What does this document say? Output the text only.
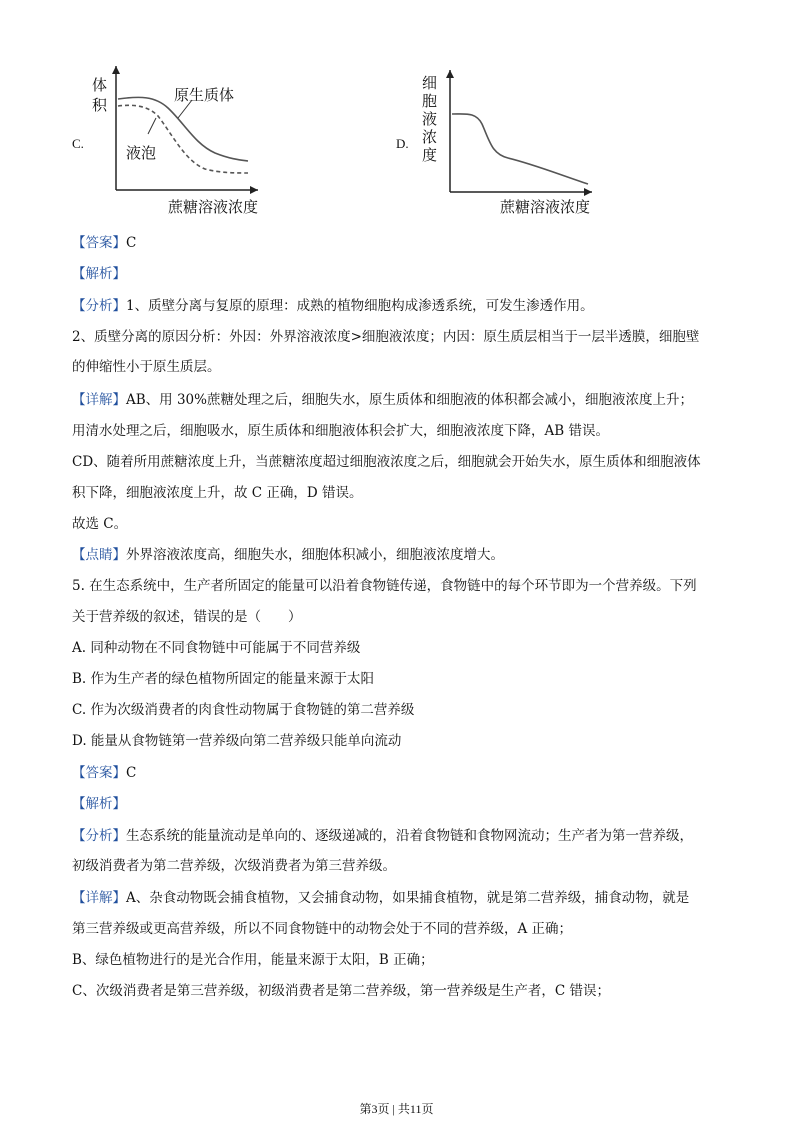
C.
体
积
原生质体
液泡
蔗糖溶液浓度
D.
细
胞
液
浓
度
蔗糖溶液浓度
【答案】C
【解析】
【分析】1、质壁分离与复原的原理：成熟的植物细胞构成渗透系统，可发生渗透作用。
2、质壁分离的原因分析：外因：外界溶液浓度>细胞液浓度；内因：原生质层相当于一层半透膜，细胞壁
的伸缩性小于原生质层。
【详解】AB、用 30%蔗糖处理之后，细胞失水，原生质体和细胞液的体积都会减小，细胞液浓度上升；
用清水处理之后，细胞吸水，原生质体和细胞液体积会扩大，细胞液浓度下降，AB 错误。
CD、随着所用蔗糖浓度上升，当蔗糖浓度超过细胞液浓度之后，细胞就会开始失水，原生质体和细胞液体
积下降，细胞液浓度上升，故 C 正确，D 错误。
故选 C。
【点睛】外界溶液浓度高，细胞失水，细胞体积减小，细胞液浓度增大。
5. 在生态系统中，生产者所固定的能量可以沿着食物链传递，食物链中的每个环节即为一个营养级。下列
关于营养级的叙述，错误的是（　　）
A. 同种动物在不同食物链中可能属于不同营养级
B. 作为生产者的绿色植物所固定的能量来源于太阳
C. 作为次级消费者的肉食性动物属于食物链的第二营养级
D. 能量从食物链第一营养级向第二营养级只能单向流动
【答案】C
【解析】
【分析】生态系统的能量流动是单向的、逐级递减的，沿着食物链和食物网流动；生产者为第一营养级，
初级消费者为第二营养级，次级消费者为第三营养级。
【详解】A、杂食动物既会捕食植物，又会捕食动物，如果捕食植物，就是第二营养级，捕食动物，就是
第三营养级或更高营养级，所以不同食物链中的动物会处于不同的营养级，A 正确；
B、绿色植物进行的是光合作用，能量来源于太阳，B 正确；
C、次级消费者是第三营养级，初级消费者是第二营养级，第一营养级是生产者，C 错误；
第3页 | 共11页
